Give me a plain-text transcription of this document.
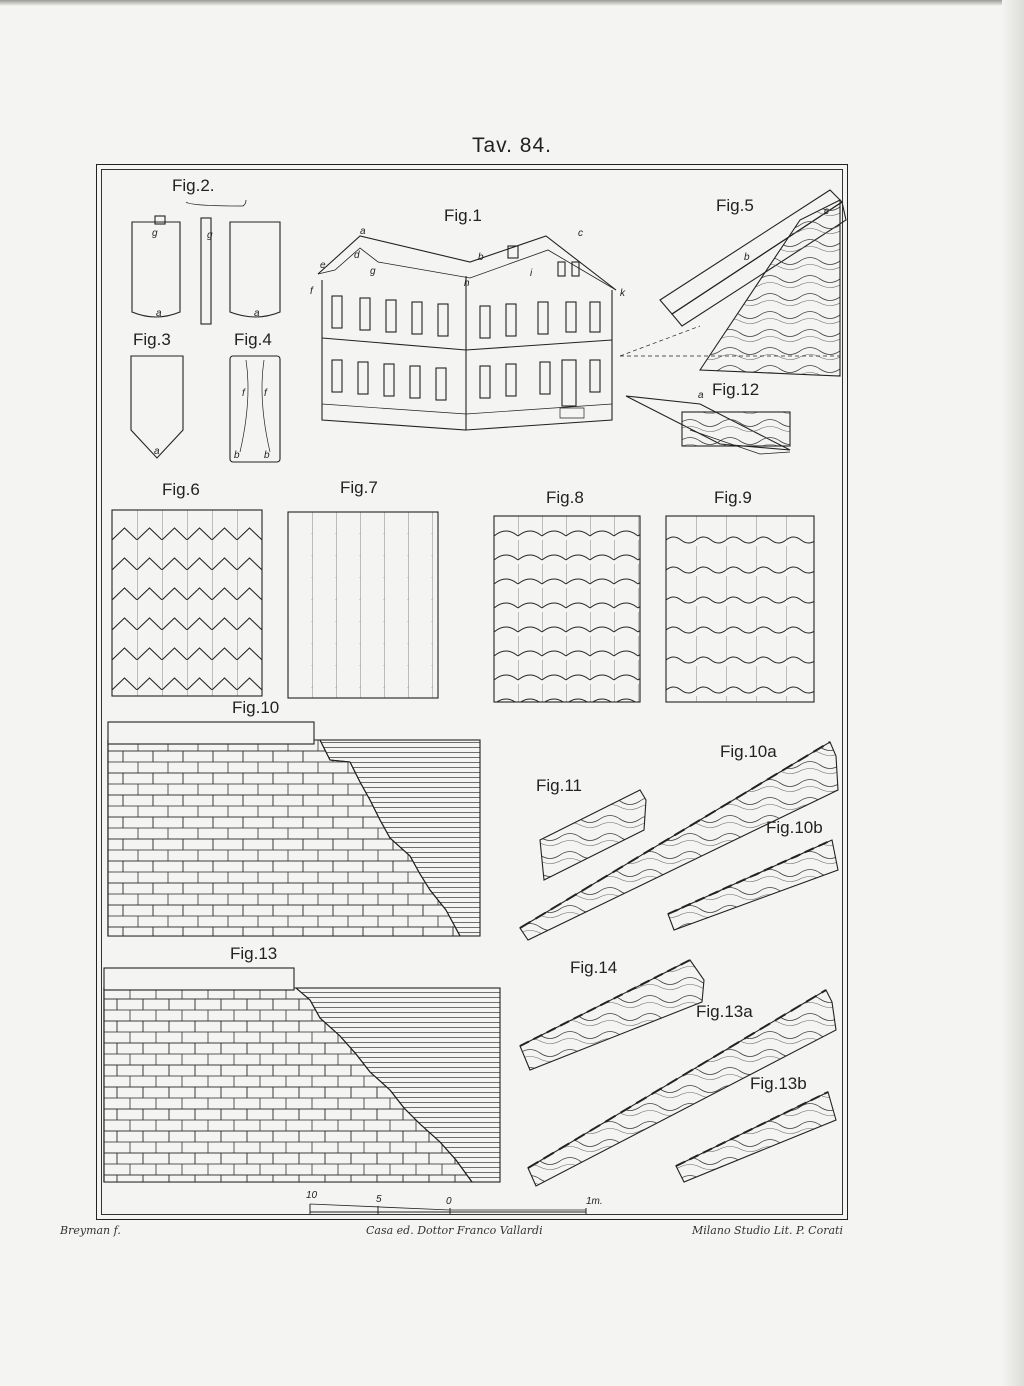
Tav. 84.
Fig.2.
Fig.1
Fig.5
Fig.3	Fig.4
Fig.12
Fig.6	Fig.7
Fig.8	Fig.9
Fig.10
Fig.10a
Fig.11
Fig.10b
Fig.13
Fig.14
Fig.13a
Fig.13b
g	g
a	a
a
f f
b b
a
d
e
g
f
b
c
h
i
k
b
c
a
10	5	0	1m.
Breyman f.	Casa ed. Dottor Franco Vallardi	Milano Studio Lit. P. Corati
